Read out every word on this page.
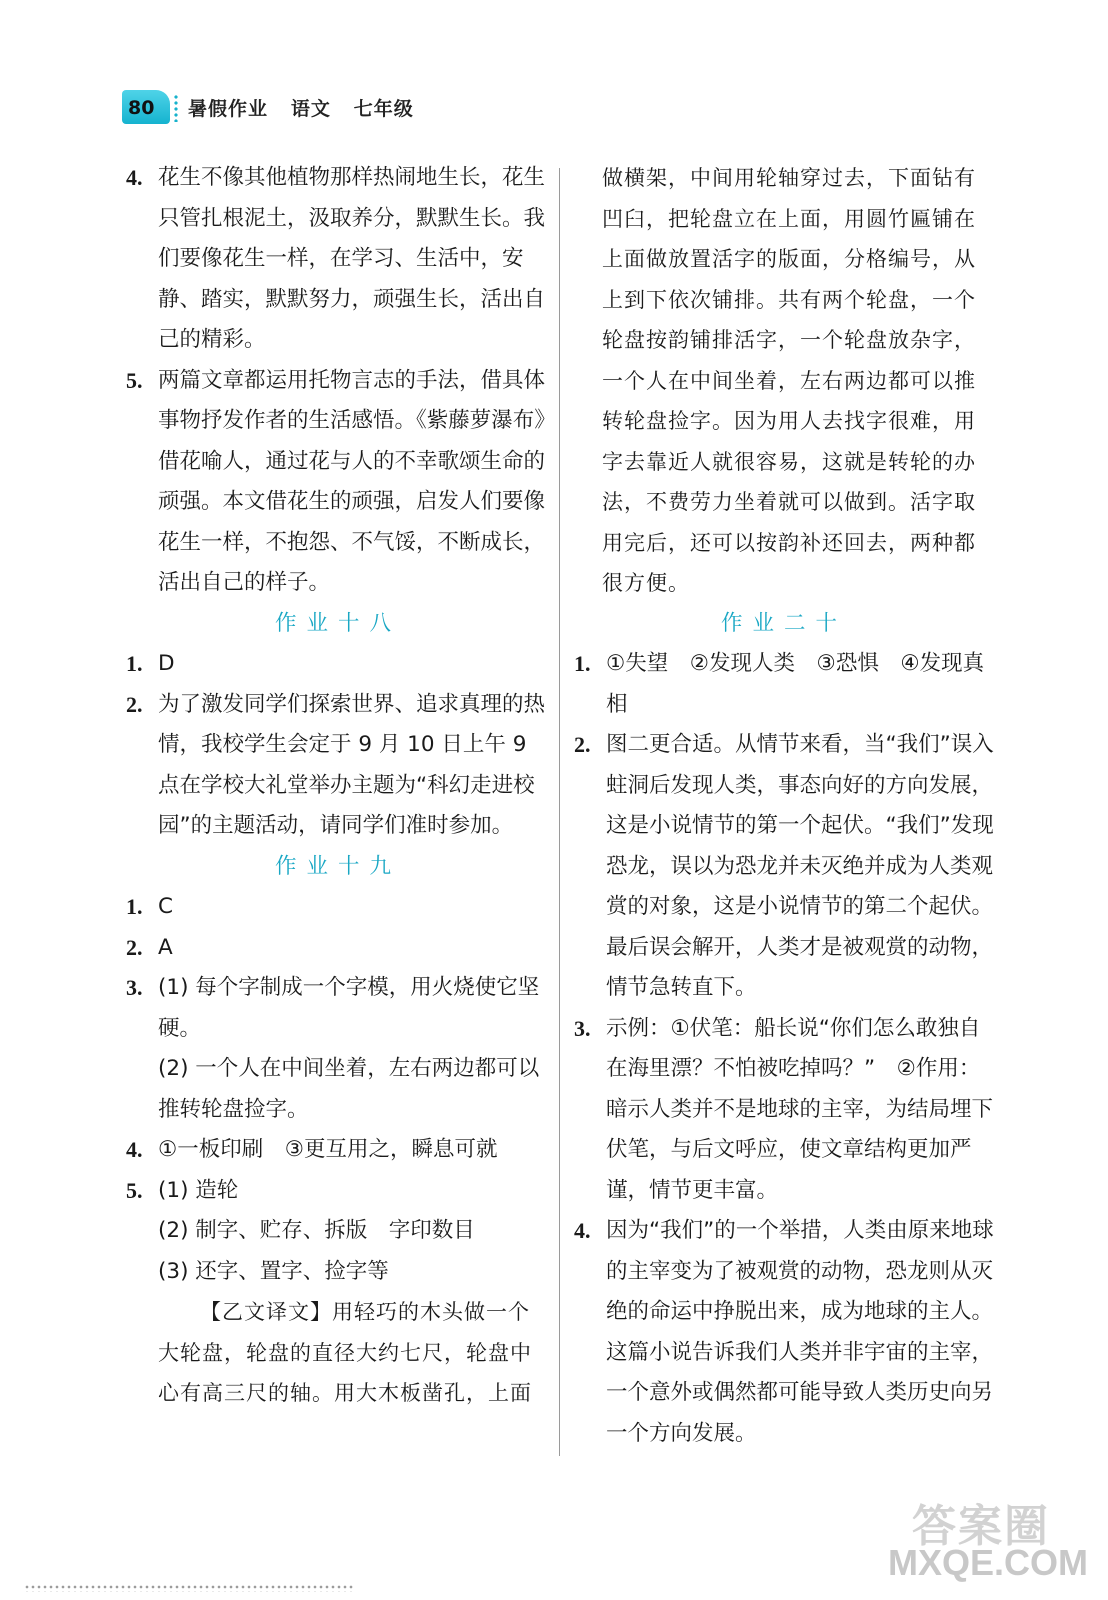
80 暑假作业   语文   七年级
4. 花生不像其他植物那样热闹地生长，花生只管扎根泥土，汲取养分，默默生长。我们要像花生一样，在学习、生活中，安静、踏实，默默努力，顽强生长，活出自己的精彩。
5. 两篇文章都运用托物言志的手法，借具体事物抒发作者的生活感悟。《紫藤萝瀑布》借花喻人，通过花与人的不幸歌颂生命的顽强。本文借花生的顽强，启发人们要像花生一样，不抱怨、不气馁，不断成长，活出自己的样子。
作业十八
1. D
2. 为了激发同学们探索世界、追求真理的热情，我校学生会定于 9 月 10 日上午 9 点在学校大礼堂举办主题为“科幻走进校园”的主题活动，请同学们准时参加。
作业十九
1. C
2. A
3. (1) 每个字制成一个字模，用火烧使它坚硬。
(2) 一个人在中间坐着，左右两边都可以推转轮盘捡字。
4. ①一板印刷　③更互用之，瞬息可就
5. (1) 造轮
(2) 制字、贮存、拆版　字印数目
(3) 还字、置字、捡字等
【乙文译文】用轻巧的木头做一个大轮盘，轮盘的直径大约七尺，轮盘中心有高三尺的轴。用大木板凿孔，上面
做横架，中间用轮轴穿过去，下面钻有凹臼，把轮盘立在上面，用圆竹匾铺在上面做放置活字的版面，分格编号，从上到下依次铺排。共有两个轮盘，一个轮盘按韵铺排活字，一个轮盘放杂字，一个人在中间坐着，左右两边都可以推转轮盘捡字。因为用人去找字很难，用字去靠近人就很容易，这就是转轮的办法，不费劳力坐着就可以做到。活字取用完后，还可以按韵补还回去，两种都很方便。
作业二十
1. ①失望　②发现人类　③恐惧　④发现真相
2. 图二更合适。从情节来看，当“我们”误入蛀洞后发现人类，事态向好的方向发展，这是小说情节的第一个起伏。“我们”发现恐龙，误以为恐龙并未灭绝并成为人类观赏的对象，这是小说情节的第二个起伏。最后误会解开，人类才是被观赏的动物，情节急转直下。
3. 示例：①伏笔：船长说“你们怎么敢独自在海里漂？不怕被吃掉吗？”　②作用：暗示人类并不是地球的主宰，为结局埋下伏笔，与后文呼应，使文章结构更加严谨，情节更丰富。
4. 因为“我们”的一个举措，人类由原来地球的主宰变为了被观赏的动物，恐龙则从灭绝的命运中挣脱出来，成为地球的主人。这篇小说告诉我们人类并非宇宙的主宰，一个意外或偶然都可能导致人类历史向另一个方向发展。
答案圈
MXQE.COM
